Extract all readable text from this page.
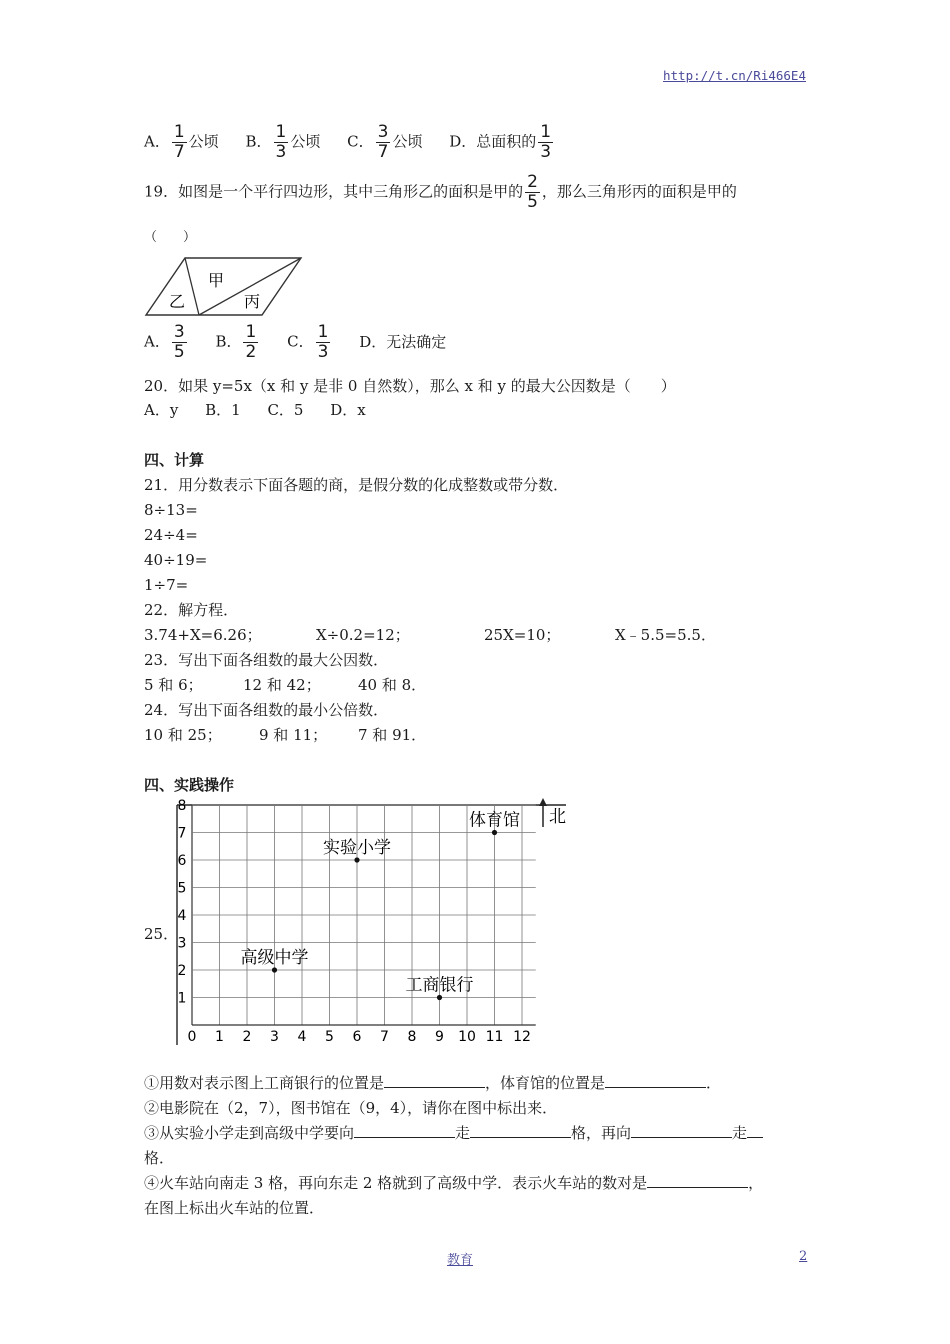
http://t.cn/Ri466E4
A． $\frac{1}{7}$ 公顷 B． $\frac{1}{3}$ 公顷 C． $\frac{3}{7}$ 公顷 D．总面积的 $\frac{1}{3}$
19．如图是一个平行四边形，其中三角形乙的面积是甲的 $\frac{2}{5}$ ，那么三角形丙的面积是甲的
（　　）
乙
甲
丙
A． $\frac{3}{5}$ B． $\frac{1}{2}$ C． $\frac{1}{3}$ D．无法确定
20．如果 y=5x（x 和 y 是非 0 自然数），那么 x 和 y 的最大公因数是（　　）
A．y B．1 C．5 D．x
四、计算
21．用分数表示下面各题的商，是假分数的化成整数或带分数．
8÷13=
24÷4=
40÷19=
1÷7=
22．解方程．
3.74+X=6.26；	X÷0.2=12；	25X=10；	X﹣5.5=5.5．
23．写出下面各组数的最大公因数．
5 和 6；	12 和 42； 40 和 8．
24．写出下面各组数的最小公倍数．
10 和 25； 9 和 11； 7 和 91．
四、实践操作
25．
0 1 2 3 4 5 6 7 8 9 10 11 12
1
2
3
4
5
6
7
8
实验小学
体育馆
高级中学
工商银行
北
①用数对表示图上工商银行的位置是	，体育馆的位置是	．
②电影院在（2，7），图书馆在（9，4），请你在图中标出来．
③从实验小学走到高级中学要向	走	格，再向	走
格．
④火车站向南走 3 格，再向东走 2 格就到了高级中学．表示火车站的数对是	，
在图上标出火车站的位置．
教育	2
